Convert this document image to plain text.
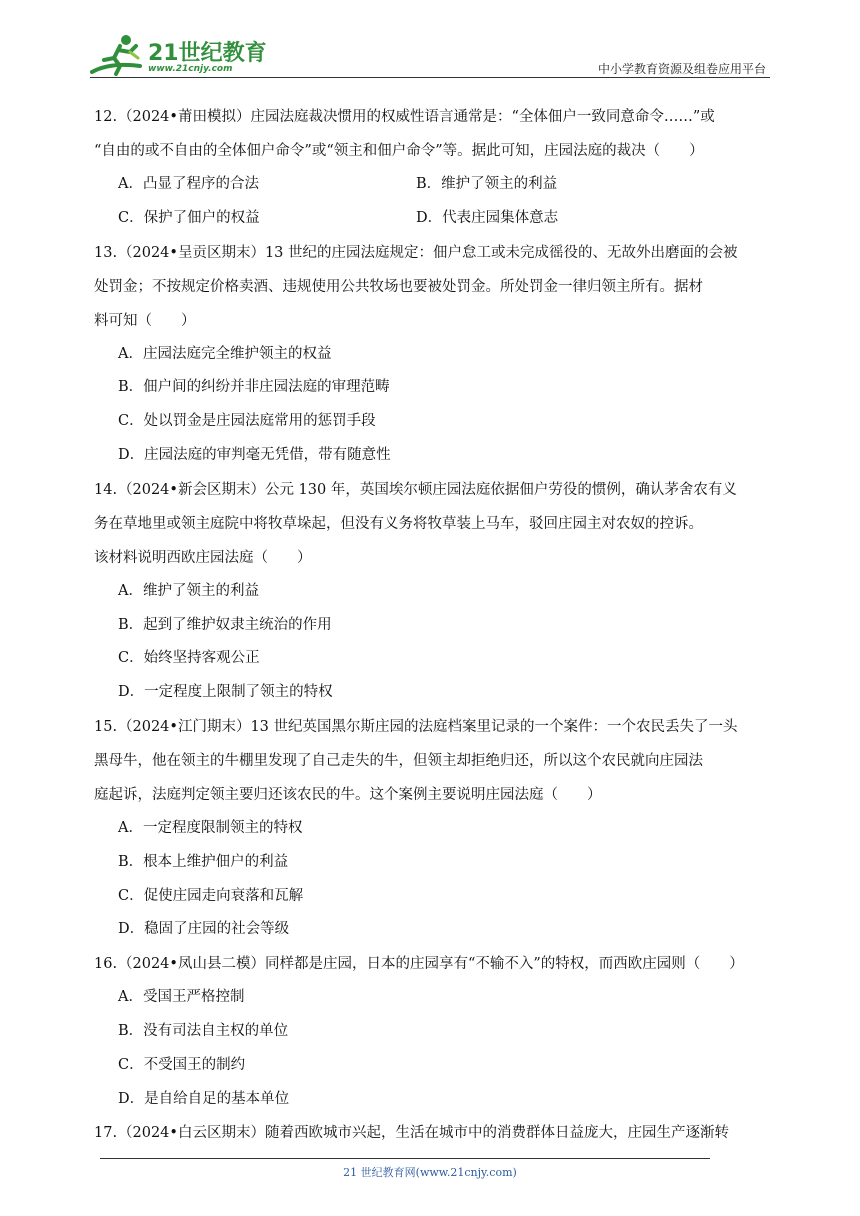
21世纪教育
www.21cnjy.com	中小学教育资源及组卷应用平台
12.（2024•莆田模拟）庄园法庭裁决惯用的权威性语言通常是：“全体佃户一致同意命令……”或
“自由的或不自由的全体佃户命令”或“领主和佃户命令”等。据此可知，庄园法庭的裁决（　　）
A．凸显了程序的合法	B．维护了领主的利益
C．保护了佃户的权益	D．代表庄园集体意志
13.（2024•呈贡区期末）13 世纪的庄园法庭规定：佃户怠工或未完成徭役的、无故外出磨面的会被
处罚金；不按规定价格卖酒、违规使用公共牧场也要被处罚金。所处罚金一律归领主所有。据材
料可知（　　）
A．庄园法庭完全维护领主的权益
B．佃户间的纠纷并非庄园法庭的审理范畴
C．处以罚金是庄园法庭常用的惩罚手段
D．庄园法庭的审判毫无凭借，带有随意性
14.（2024•新会区期末）公元 130 年，英国埃尔顿庄园法庭依据佃户劳役的惯例，确认茅舍农有义
务在草地里或领主庭院中将牧草垛起，但没有义务将牧草装上马车，驳回庄园主对农奴的控诉。
该材料说明西欧庄园法庭（　　）
A．维护了领主的利益
B．起到了维护奴隶主统治的作用
C．始终坚持客观公正
D．一定程度上限制了领主的特权
15.（2024•江门期末）13 世纪英国黑尔斯庄园的法庭档案里记录的一个案件：一个农民丢失了一头
黑母牛，他在领主的牛棚里发现了自己走失的牛，但领主却拒绝归还，所以这个农民就向庄园法
庭起诉，法庭判定领主要归还该农民的牛。这个案例主要说明庄园法庭（　　）
A．一定程度限制领主的特权
B．根本上维护佃户的利益
C．促使庄园走向衰落和瓦解
D．稳固了庄园的社会等级
16.（2024•凤山县二模）同样都是庄园，日本的庄园享有“不输不入”的特权，而西欧庄园则（　　）
A．受国王严格控制
B．没有司法自主权的单位
C．不受国王的制约
D．是自给自足的基本单位
17.（2024•白云区期末）随着西欧城市兴起，生活在城市中的消费群体日益庞大，庄园生产逐渐转
21 世纪教育网(www.21cnjy.com)
